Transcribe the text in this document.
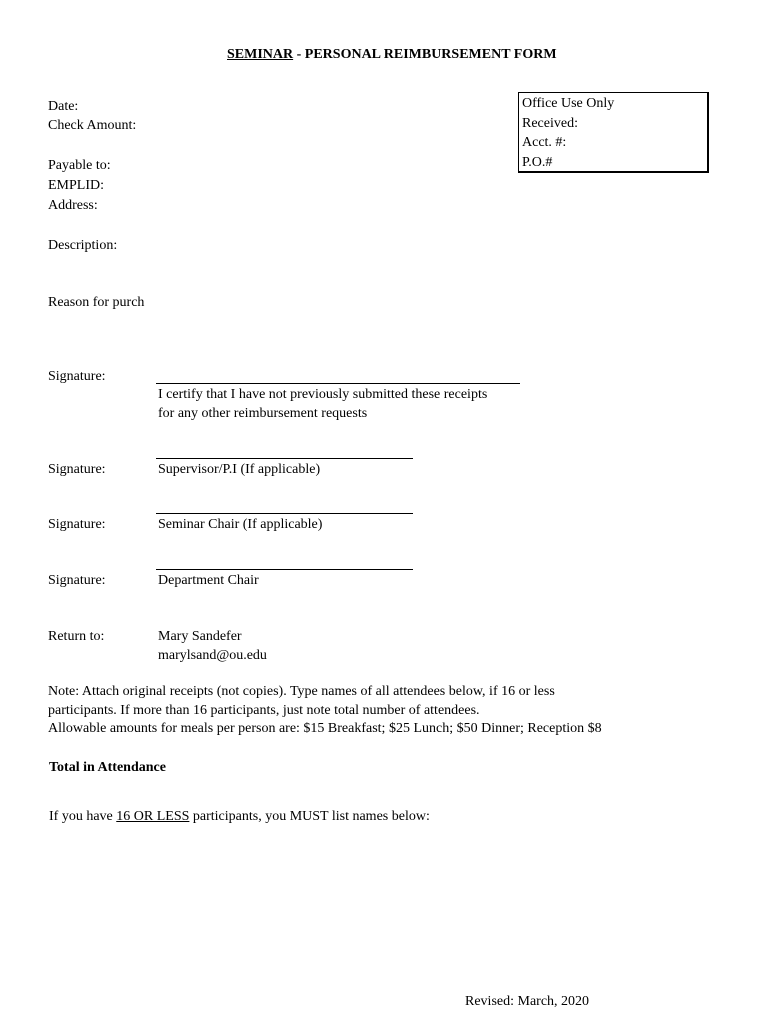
SEMINAR - PERSONAL REIMBURSEMENT FORM
Office Use Only
Received:
Acct. #:
P.O.#
Date:
Check Amount:
Payable to:
EMPLID:
Address:
Description:
Reason for purch
Signature:
I certify that I have not previously submitted these receipts
for any other reimbursement requests
Signature:	Supervisor/P.I (If applicable)
Signature:	Seminar Chair (If applicable)
Signature:	Department Chair
Return to:	Mary Sandefer
marylsand@ou.edu
Note: Attach original receipts (not copies). Type names of all attendees below, if 16 or less
participants. If more than 16 participants, just note total number of attendees.
Allowable amounts for meals per person are: $15 Breakfast; $25 Lunch; $50 Dinner; Reception $8
Total in Attendance
If you have 16 OR LESS participants, you MUST list names below:
Revised: March, 2020
